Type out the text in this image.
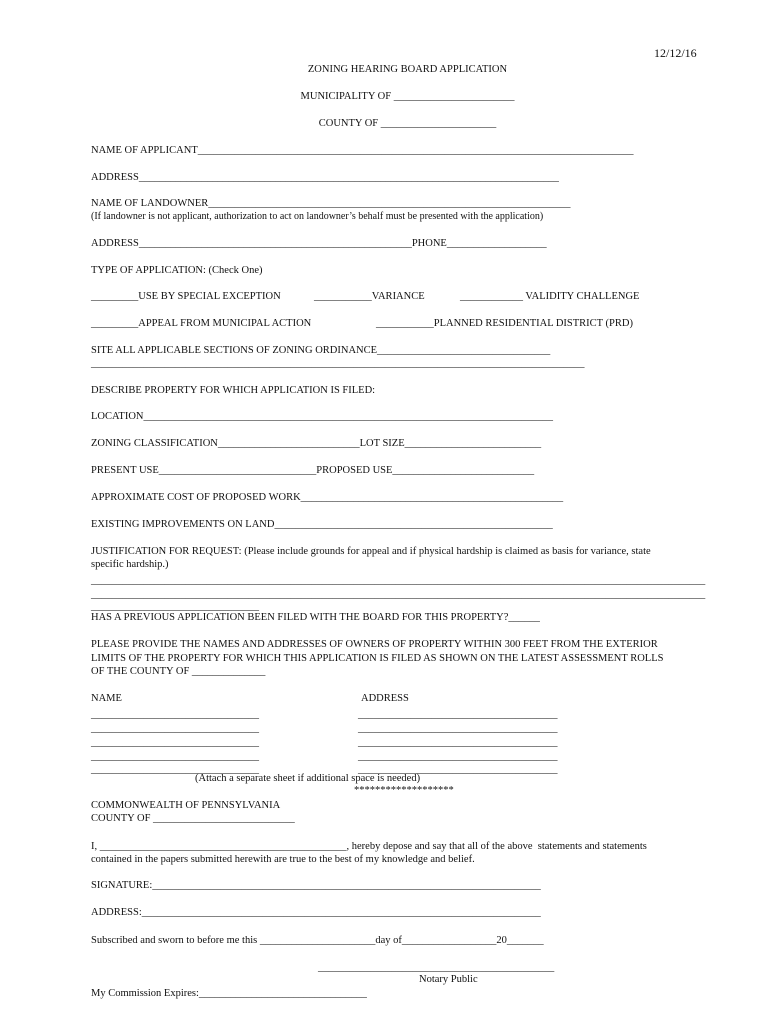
12/12/16
ZONING HEARING BOARD APPLICATION
MUNICIPALITY OF _______________________
COUNTY OF ______________________
NAME OF APPLICANT___________________________________________________________________________________
ADDRESS________________________________________________________________________________
NAME OF LANDOWNER_____________________________________________________________________
(If landowner is not applicant, authorization to act on landowner’s behalf must be presented with the application)
ADDRESS____________________________________________________PHONE___________________
TYPE OF APPLICATION: (Check One)
_________USE BY SPECIAL EXCEPTION	___________VARIANCE	____________ VALIDITY CHALLENGE
_________APPEAL FROM MUNICIPAL ACTION	___________PLANNED RESIDENTIAL DISTRICT (PRD)
SITE ALL APPLICABLE SECTIONS OF ZONING ORDINANCE_________________________________
______________________________________________________________________________________________
DESCRIBE PROPERTY FOR WHICH APPLICATION IS FILED:
LOCATION______________________________________________________________________________
ZONING CLASSIFICATION___________________________LOT SIZE__________________________
PRESENT USE______________________________PROPOSED USE___________________________
APPROXIMATE COST OF PROPOSED WORK__________________________________________________
EXISTING IMPROVEMENTS ON LAND_____________________________________________________
JUSTIFICATION FOR REQUEST: (Please include grounds for appeal and if physical hardship is claimed as basis for variance, state
specific hardship.)
_____________________________________________________________________________________________________________________
_____________________________________________________________________________________________________________________
________________________________
HAS A PREVIOUS APPLICATION BEEN FILED WITH THE BOARD FOR THIS PROPERTY?______
PLEASE PROVIDE THE NAMES AND ADDRESSES OF OWNERS OF PROPERTY WITHIN 300 FEET FROM THE EXTERIOR
LIMITS OF THE PROPERTY FOR WHICH THIS APPLICATION IS FILED AS SHOWN ON THE LATEST ASSESSMENT ROLLS
OF THE COUNTY OF ______________
NAME	ADDRESS
________________________________	______________________________________
________________________________	______________________________________
________________________________	______________________________________
________________________________	______________________________________
________________________________	______________________________________
(Attach a separate sheet if additional space is needed)
*******************
COMMONWEALTH OF PENNSYLVANIA
COUNTY OF ___________________________
I, _______________________________________________, hereby depose and say that all of the above  statements and statements
contained in the papers submitted herewith are true to the best of my knowledge and belief.
SIGNATURE:__________________________________________________________________________
ADDRESS:____________________________________________________________________________
Subscribed and sworn to before me this ______________________day of__________________20_______
_____________________________________________
Notary Public
My Commission Expires:________________________________
